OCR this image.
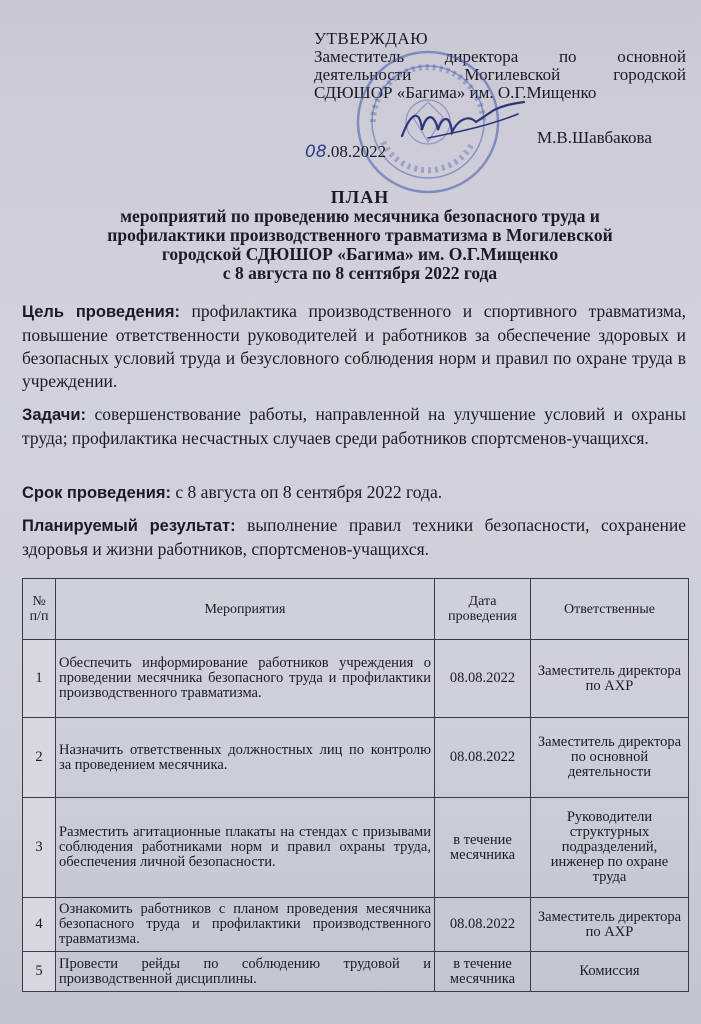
УТВЕРЖДАЮ
Заместитель директора по основной
деятельности Могилевской городской
СДЮШОР «Багима» им. О.Г.Мищенко
М.В.Шавбакова
08.08.2022
ПЛАН
мероприятий по проведению месячника безопасного труда и
профилактики производственного травматизма в Могилевской
городской СДЮШОР «Багима» им. О.Г.Мищенко
с 8 августа по 8 сентября 2022 года
Цель проведения: профилактика производственного и спортивного травматизма, повышение ответственности руководителей и работников за обеспечение здоровых и безопасных условий труда и безусловного соблюдения норм и правил по охране труда в учреждении.
Задачи: совершенствование работы, направленной на улучшение условий и охраны труда; профилактика несчастных случаев среди работников спортсменов-учащихся.
Срок проведения: с 8 августа оп 8 сентября 2022 года.
Планируемый результат: выполнение правил техники безопасности, сохранение здоровья и жизни работников, спортсменов-учащихся.
№ п/п	Мероприятия	Дата проведения	Ответственные
1	Обеспечить информирование работников учреждения о проведении месячника безопасного труда и профилактики производственного травматизма.	08.08.2022	Заместитель директора по АХР
2	Назначить ответственных должностных лиц по контролю за проведением месячника.	08.08.2022	Заместитель директора по основной деятельности
3	Разместить агитационные плакаты на стендах с призывами соблюдения работниками норм и правил охраны труда, обеспечения личной безопасности.	в течение месячника	Руководители структурных подразделений, инженер по охране труда
4	Ознакомить работников с планом проведения месячника безопасного труда и профилактики производственного травматизма.	08.08.2022	Заместитель директора по АХР
5	Провести рейды по соблюдению трудовой и производственной дисциплины.	в течение месячника	Комиссия
